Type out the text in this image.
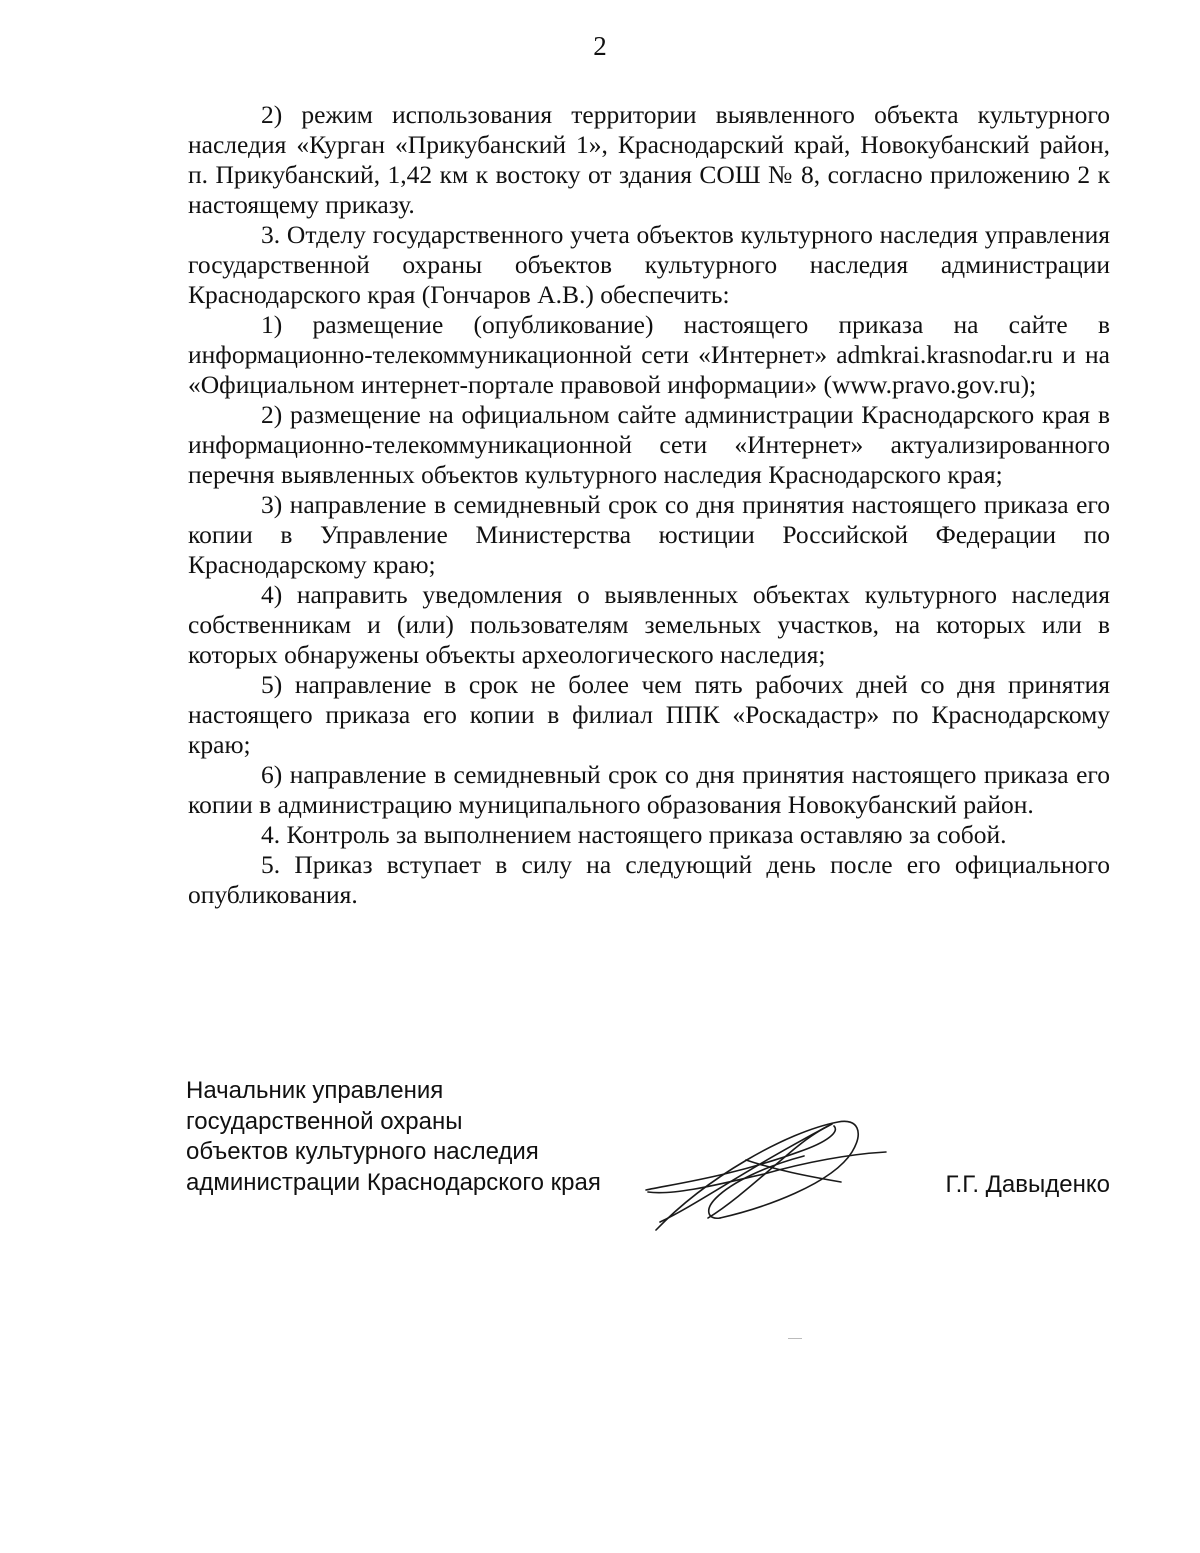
2

2) режим использования территории выявленного объекта культурного наследия «Курган «Прикубанский 1», Краснодарский край, Новокубанский район, п. Прикубанский, 1,42 км к востоку от здания СОШ № 8, согласно приложению 2 к настоящему приказу.

3. Отделу государственного учета объектов культурного наследия управления государственной охраны объектов культурного наследия администрации Краснодарского края (Гончаров А.В.) обеспечить:

1) размещение (опубликование) настоящего приказа на сайте в информационно-телекоммуникационной сети «Интернет» admkrai.krasnodar.ru и на «Официальном интернет-портале правовой информации» (www.pravo.gov.ru);

2) размещение на официальном сайте администрации Краснодарского края в информационно-телекоммуникационной сети «Интернет» актуализированного перечня выявленных объектов культурного наследия Краснодарского края;

3) направление в семидневный срок со дня принятия настоящего приказа его копии в Управление Министерства юстиции Российской Федерации по Краснодарскому краю;

4) направить уведомления о выявленных объектах культурного наследия собственникам и (или) пользователям земельных участков, на которых или в которых обнаружены объекты археологического наследия;

5) направление в срок не более чем пять рабочих дней со дня принятия настоящего приказа его копии в филиал ППК «Роскадастр» по Краснодарскому краю;

6) направление в семидневный срок со дня принятия настоящего приказа его копии в администрацию муниципального образования Новокубанский район.

4. Контроль за выполнением настоящего приказа оставляю за собой.

5. Приказ вступает в силу на следующий день после его официального опубликования.

Начальник управления
государственной охраны
объектов культурного наследия
администрации Краснодарского края	Г.Г. Давыденко
